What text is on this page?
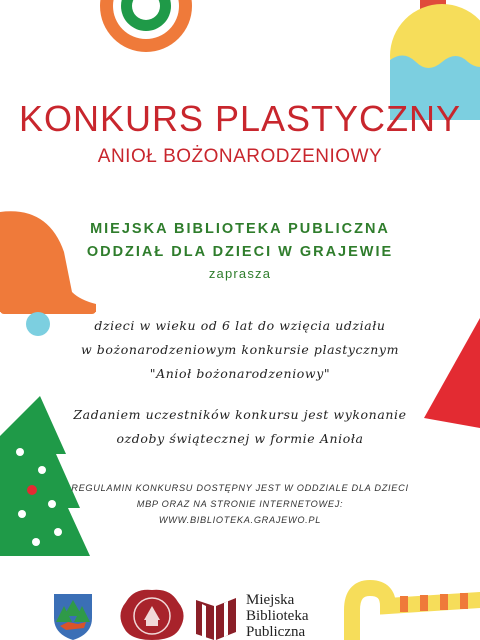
KONKURS PLASTYCZNY
ANIOŁ BOŻONARODZENIOWY
MIEJSKA BIBLIOTEKA PUBLICZNA
ODDZIAŁ DLA DZIECI W GRAJEWIE
zaprasza
dzieci w wieku od 6 lat do wzięcia udziału
w bożonarodzeniowym konkursie plastycznym
"Anioł bożonarodzeniowy"
Zadaniem uczestników konkursu jest wykonanie
ozdoby świątecznej w formie Anioła
REGULAMIN KONKURSU DOSTĘPNY JEST W ODDZIALE DLA DZIECI
MBP ORAZ NA STRONIE INTERNETOWEJ:
WWW.BIBLIOTEKA.GRAJEWO.PL
Miejska
Biblioteka
Publiczna
